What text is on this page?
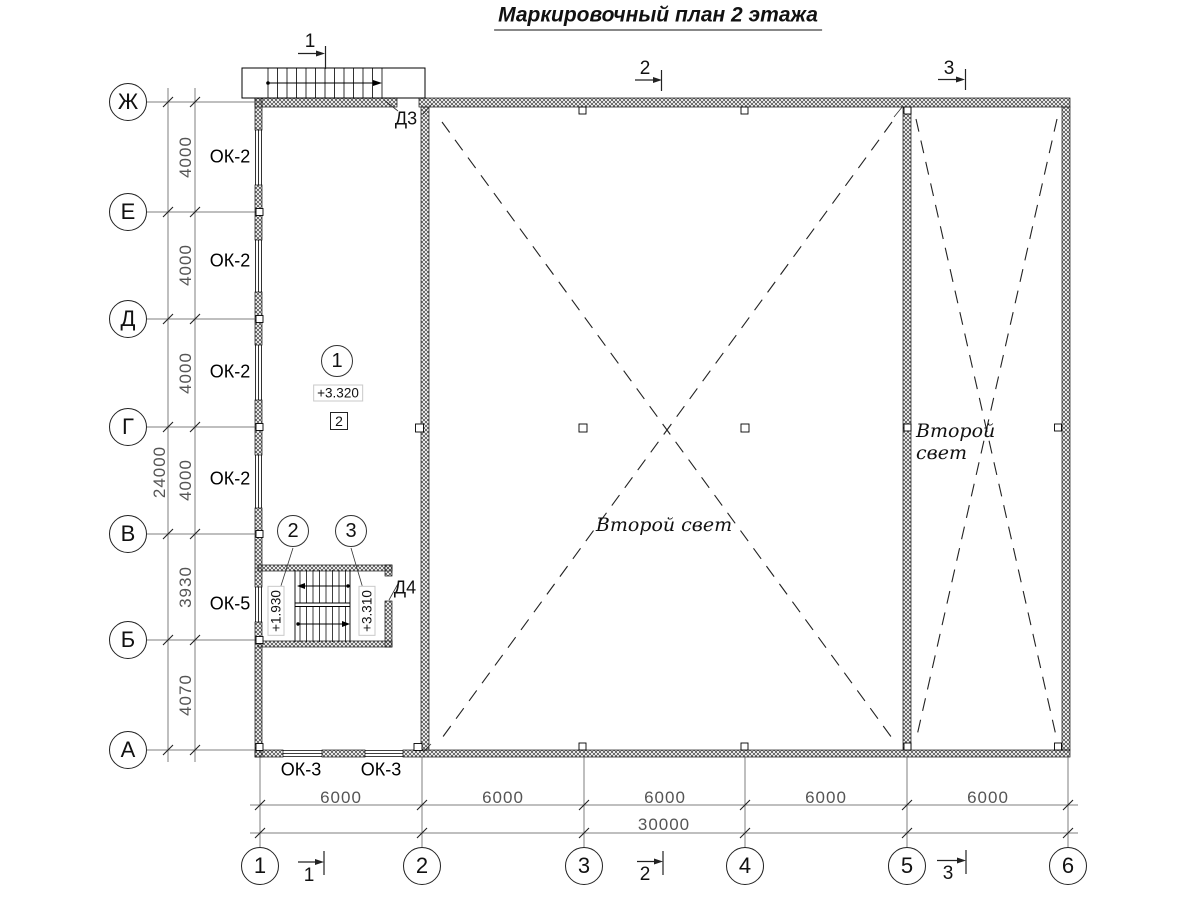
Маркировочный план 2 этажа
Ж
Е
Д
Г
В
Б
А
1	2	3	4	5	6
4000
4000
4000
4000
3930
4070
24000
6000	6000	6000	6000	6000
30000
ОК-2
ОК-2
ОК-2
ОК-2
ОК-5
ОК-3 ОК-3
Д3
Д4
1
+3.320
2
2	3
+1.930	+3.310
1
2	3
1	2	3
Второй свет
Второй
свет
